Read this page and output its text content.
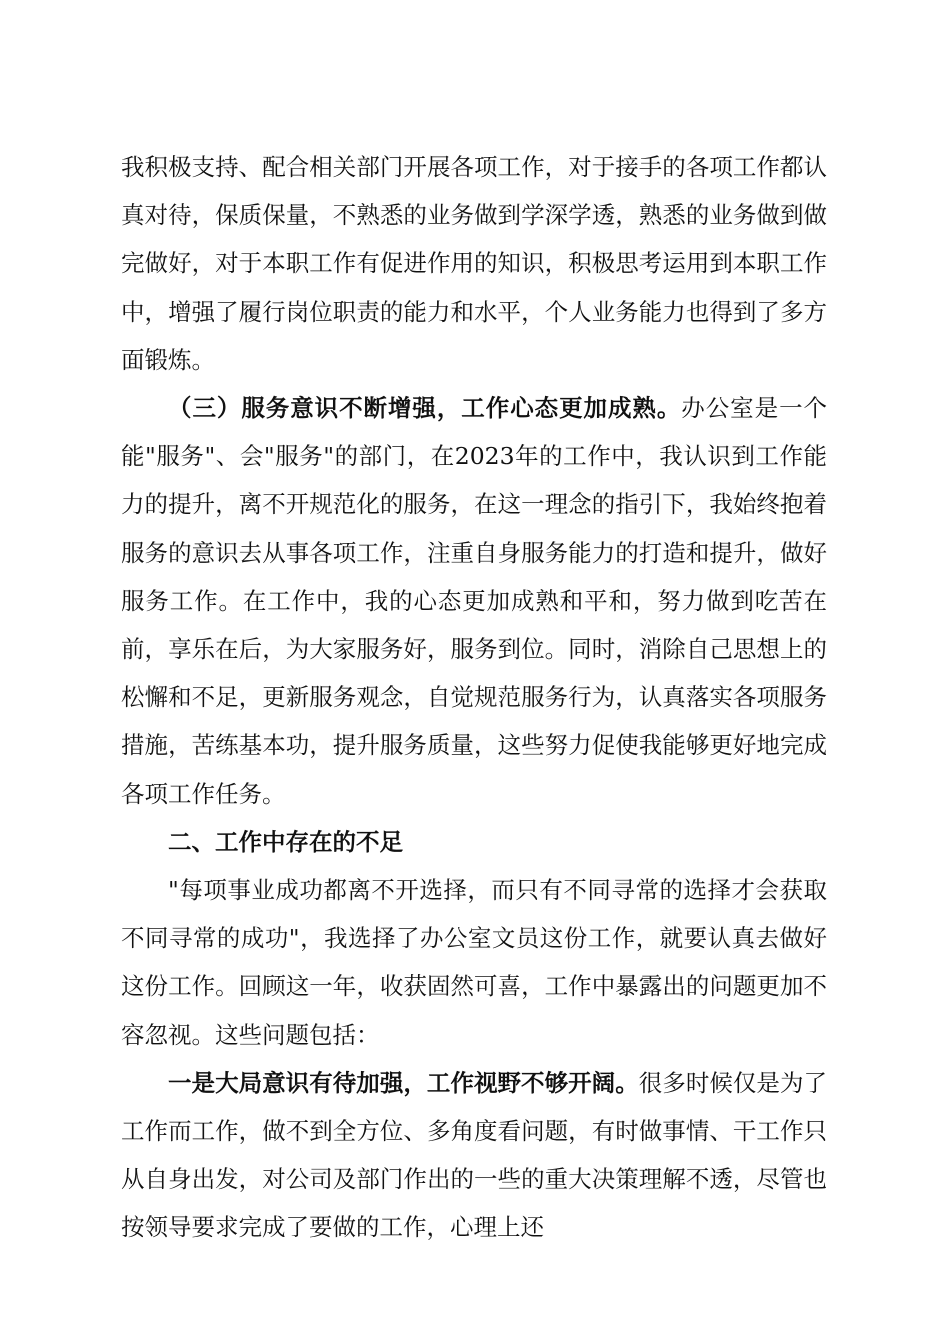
我积极支持、配合相关部门开展各项工作，对于接手的各项工作都认真对待，保质保量，不熟悉的业务做到学深学透，熟悉的业务做到做完做好，对于本职工作有促进作用的知识，积极思考运用到本职工作中，增强了履行岗位职责的能力和水平，个人业务能力也得到了多方面锻炼。

（三）服务意识不断增强，工作心态更加成熟。办公室是一个能"服务"、会"服务"的部门，在2023年的工作中，我认识到工作能力的提升，离不开规范化的服务，在这一理念的指引下，我始终抱着服务的意识去从事各项工作，注重自身服务能力的打造和提升，做好服务工作。在工作中，我的心态更加成熟和平和，努力做到吃苦在前，享乐在后，为大家服务好，服务到位。同时，消除自己思想上的松懈和不足，更新服务观念，自觉规范服务行为，认真落实各项服务措施，苦练基本功，提升服务质量，这些努力促使我能够更好地完成各项工作任务。

二、工作中存在的不足

"每项事业成功都离不开选择，而只有不同寻常的选择才会获取不同寻常的成功"，我选择了办公室文员这份工作，就要认真去做好这份工作。回顾这一年，收获固然可喜，工作中暴露出的问题更加不容忽视。这些问题包括：

一是大局意识有待加强，工作视野不够开阔。很多时候仅是为了工作而工作，做不到全方位、多角度看问题，有时做事情、干工作只从自身出发，对公司及部门作出的一些的重大决策理解不透，尽管也按领导要求完成了要做的工作，心理上还
